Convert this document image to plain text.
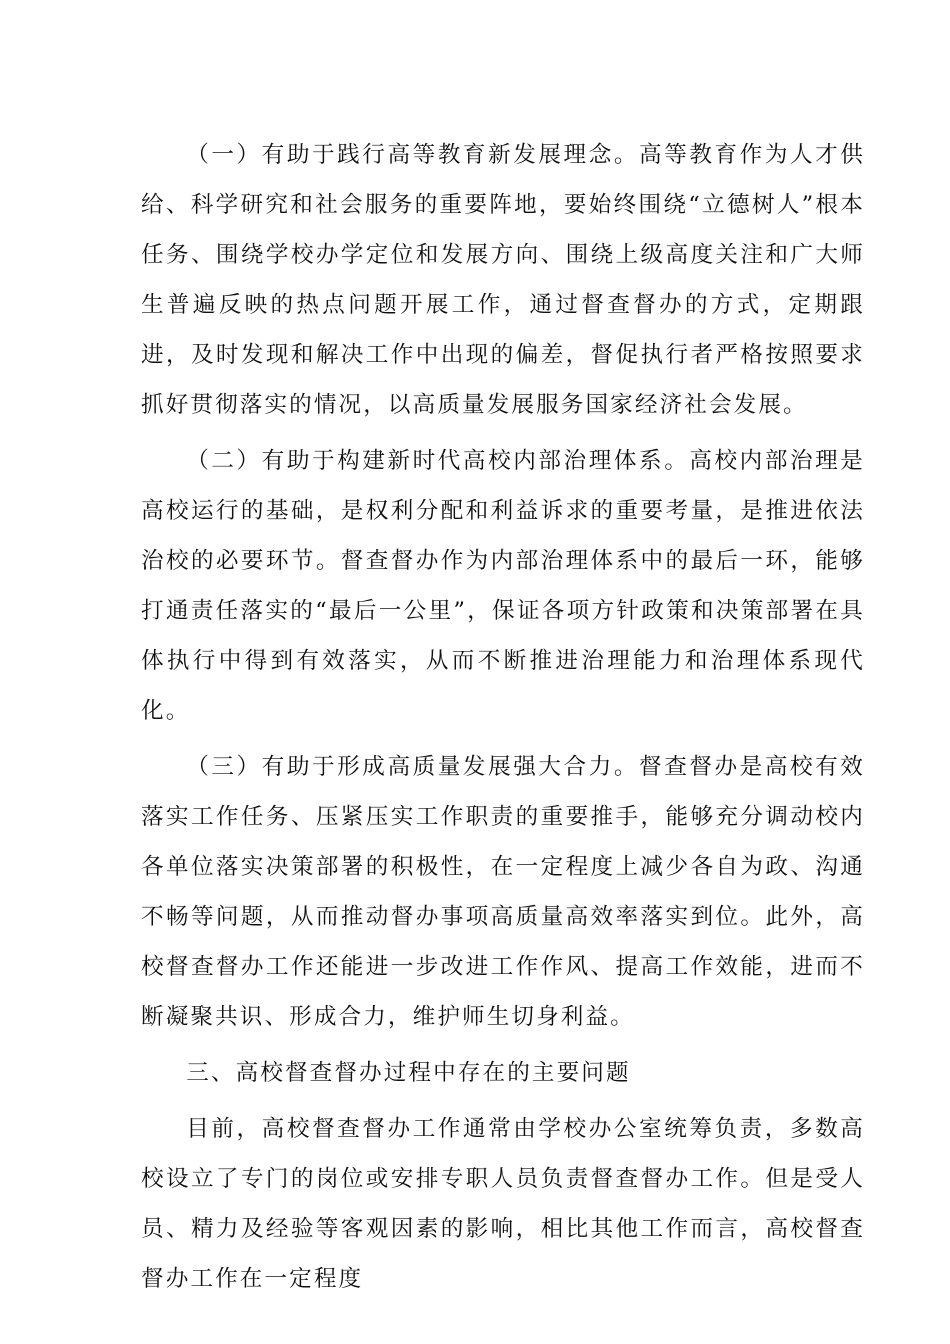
（一）有助于践行高等教育新发展理念。高等教育作为人才供给、科学研究和社会服务的重要阵地，要始终围绕“立德树人”根本任务、围绕学校办学定位和发展方向、围绕上级高度关注和广大师生普遍反映的热点问题开展工作，通过督查督办的方式，定期跟进，及时发现和解决工作中出现的偏差，督促执行者严格按照要求抓好贯彻落实的情况，以高质量发展服务国家经济社会发展。

（二）有助于构建新时代高校内部治理体系。高校内部治理是高校运行的基础，是权利分配和利益诉求的重要考量，是推进依法治校的必要环节。督查督办作为内部治理体系中的最后一环，能够打通责任落实的“最后一公里”，保证各项方针政策和决策部署在具体执行中得到有效落实，从而不断推进治理能力和治理体系现代化。

（三）有助于形成高质量发展强大合力。督查督办是高校有效落实工作任务、压紧压实工作职责的重要推手，能够充分调动校内各单位落实决策部署的积极性，在一定程度上减少各自为政、沟通不畅等问题，从而推动督办事项高质量高效率落实到位。此外，高校督查督办工作还能进一步改进工作作风、提高工作效能，进而不断凝聚共识、形成合力，维护师生切身利益。

三、高校督查督办过程中存在的主要问题

目前，高校督查督办工作通常由学校办公室统筹负责，多数高校设立了专门的岗位或安排专职人员负责督查督办工作。但是受人员、精力及经验等客观因素的影响，相比其他工作而言，高校督查督办工作在一定程度
